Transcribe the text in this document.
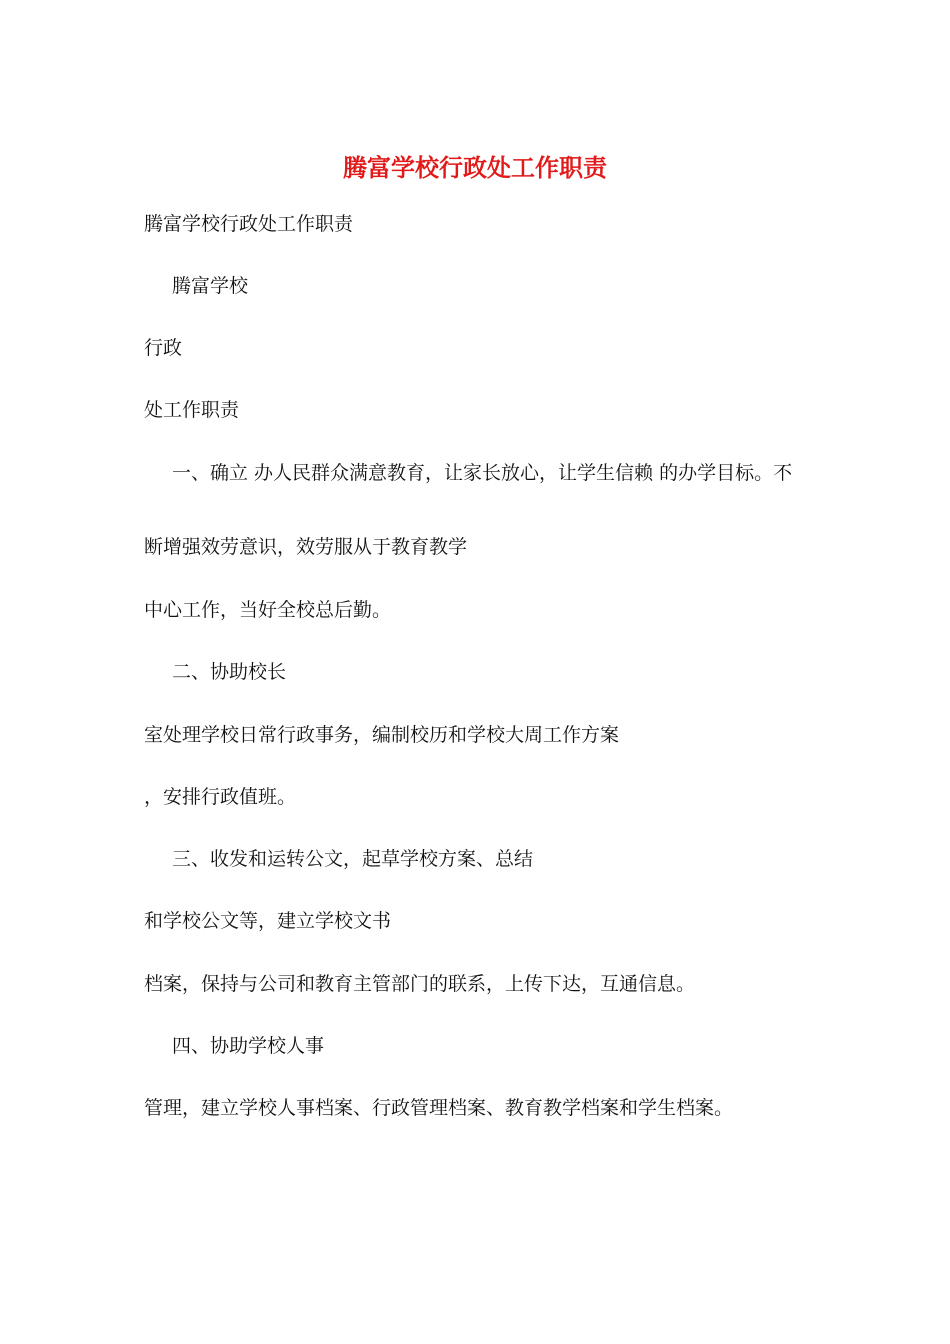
腾富学校行政处工作职责

腾富学校行政处工作职责

腾富学校

行政

处工作职责

一、确立 办人民群众满意教育，让家长放心，让学生信赖 的办学目标。不

断增强效劳意识，效劳服从于教育教学

中心工作，当好全校总后勤。

二、协助校长

室处理学校日常行政事务，编制校历和学校大周工作方案

，安排行政值班。

三、收发和运转公文，起草学校方案、总结

和学校公文等，建立学校文书

档案，保持与公司和教育主管部门的联系，上传下达，互通信息。

四、协助学校人事

管理，建立学校人事档案、行政管理档案、教育教学档案和学生档案。
